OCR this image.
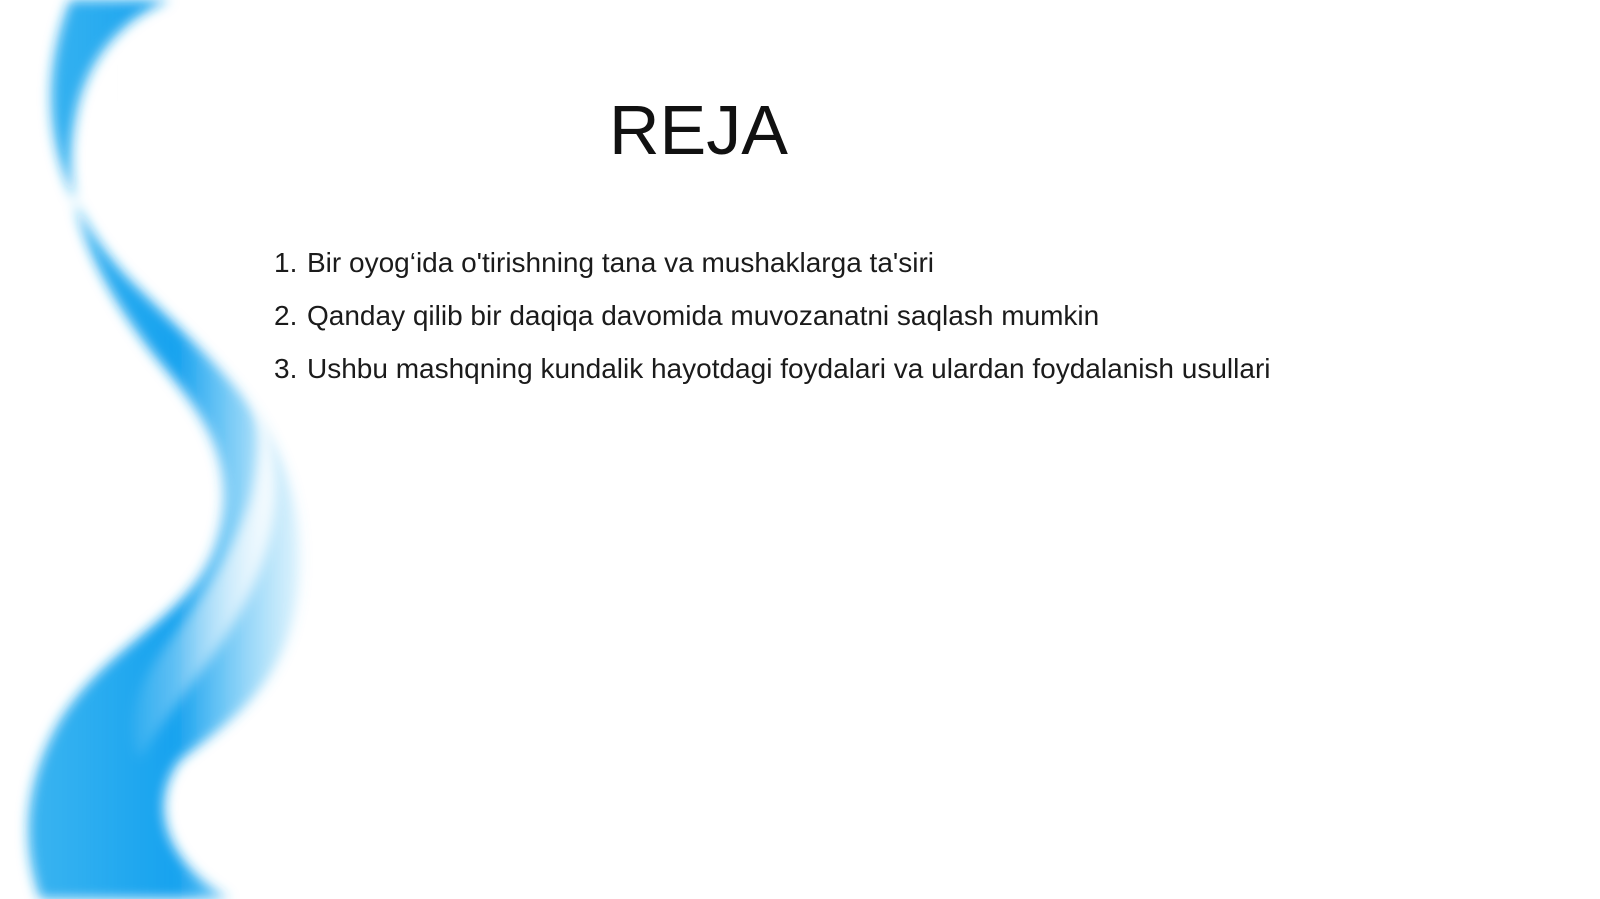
REJA
1. Bir oyog‘ida o'tirishning tana va mushaklarga ta'siri
2. Qanday qilib bir daqiqa davomida muvozanatni saqlash mumkin
3. Ushbu mashqning kundalik hayotdagi foydalari va ulardan foydalanish usullari
